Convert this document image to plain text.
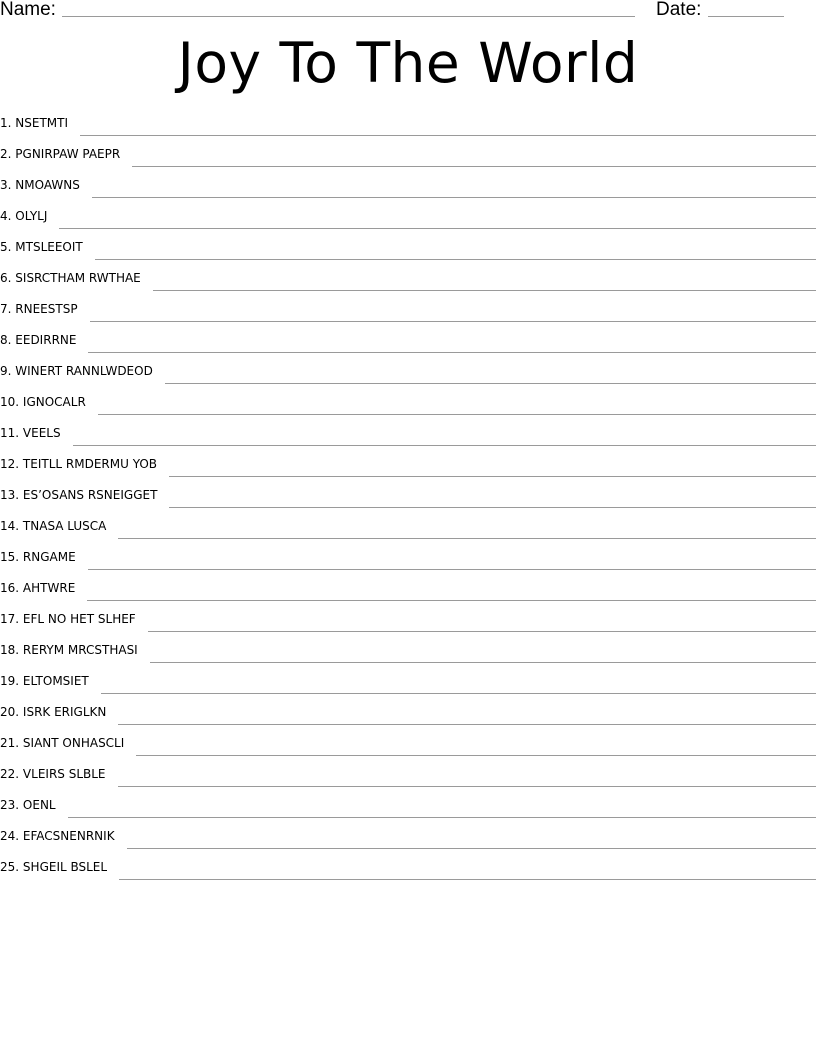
Name:	Date:
Joy To The World
1. NSETMTI
2. PGNIRPAW PAEPR
3. NMOAWNS
4. OLYLJ
5. MTSLEEOIT
6. SISRCTHAM RWTHAE
7. RNEESTSP
8. EEDIRRNE
9. WINERT RANNLWDEOD
10. IGNOCALR
11. VEELS
12. TEITLL RMDERMU YOB
13. ES’OSANS RSNEIGGET
14. TNASA LUSCA
15. RNGAME
16. AHTWRE
17. EFL NO HET SLHEF
18. RERYM MRCSTHASI
19. ELTOMSIET
20. ISRK ERIGLKN
21. SIANT ONHASCLI
22. VLEIRS SLBLE
23. OENL
24. EFACSNENRNIK
25. SHGEIL BSLEL
